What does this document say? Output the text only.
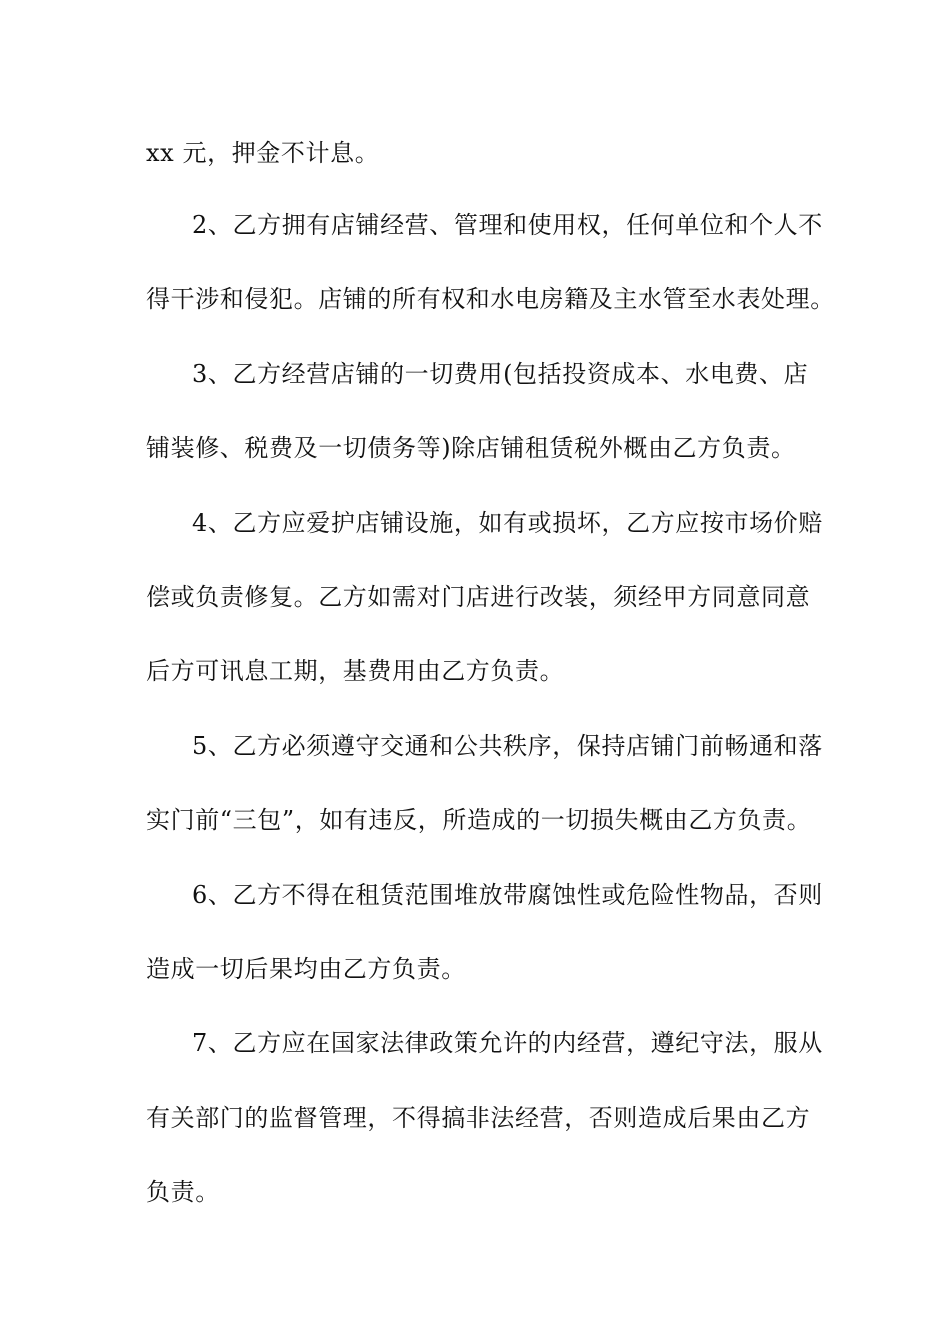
xx 元，押金不计息。
2、乙方拥有店铺经营、管理和使用权，任何单位和个人不
得干涉和侵犯。店铺的所有权和水电房籍及主水管至水表处理。
3、乙方经营店铺的一切费用(包括投资成本、水电费、店
铺装修、税费及一切债务等)除店铺租赁税外概由乙方负责。
4、乙方应爱护店铺设施，如有或损坏，乙方应按市场价赔
偿或负责修复。乙方如需对门店进行改装，须经甲方同意同意
后方可讯息工期，基费用由乙方负责。
5、乙方必须遵守交通和公共秩序，保持店铺门前畅通和落
实门前“三包”，如有违反，所造成的一切损失概由乙方负责。
6、乙方不得在租赁范围堆放带腐蚀性或危险性物品，否则
造成一切后果均由乙方负责。
7、乙方应在国家法律政策允许的内经营，遵纪守法，服从
有关部门的监督管理，不得搞非法经营，否则造成后果由乙方
负责。
